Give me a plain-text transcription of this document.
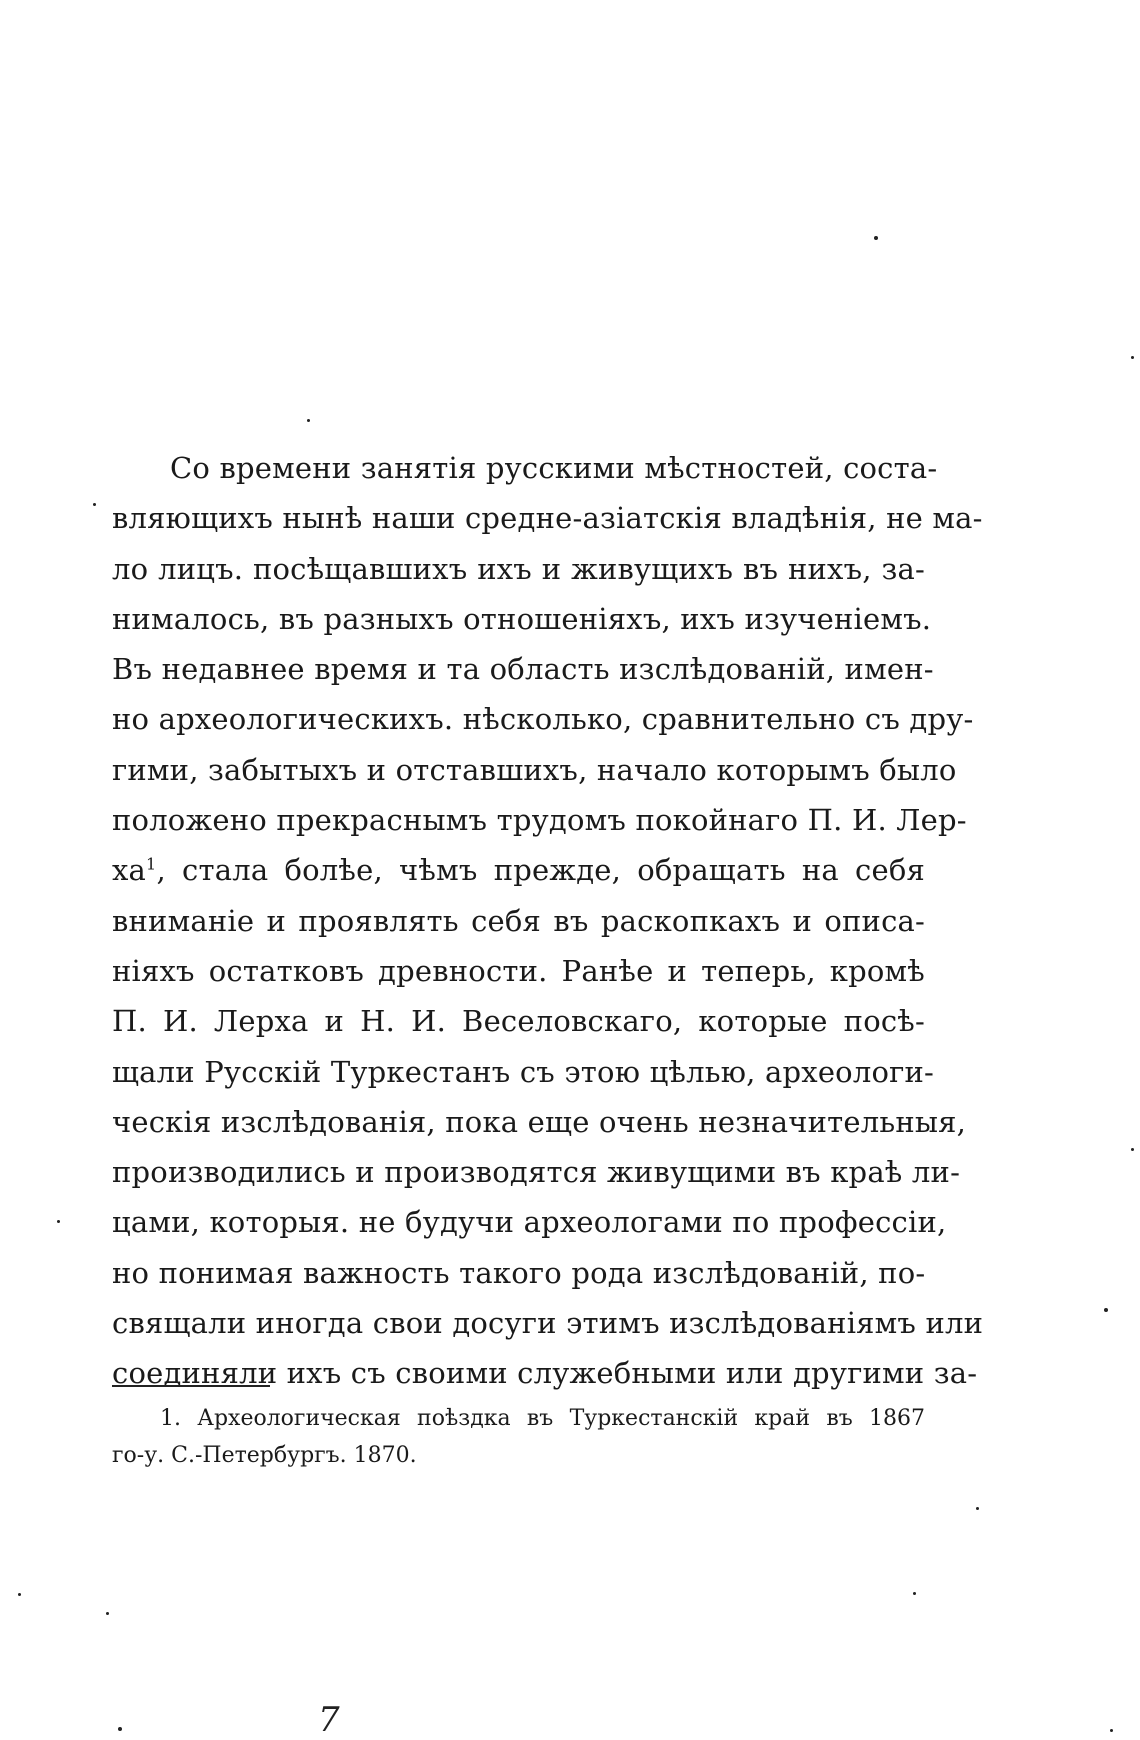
Со времени занятія русскими мѣстностей, соста-
вляющихъ нынѣ наши средне-азіатскія владѣнія, не ма-
ло лицъ. посѣщавшихъ ихъ и живущихъ въ нихъ, за-
нималось, въ разныхъ отношеніяхъ, ихъ изученіемъ.
Въ недавнее время и та область изслѣдованій, имен-
но археологическихъ. нѣсколько, сравнительно съ дру-
гими, забытыхъ и отставшихъ, начало которымъ было
положено прекраснымъ трудомъ покойнаго П. И. Лер-
$ха^1$, стала болѣе, чѣмъ прежде, обращать на себя
вниманіе и проявлять себя въ раскопкахъ и описа-
ніяхъ остатковъ древности. Ранѣе и теперь, кромѣ
П. И. Лерха и Н. И. Веселовскаго, которые посѣ-
щали Русскій Туркестанъ съ этою цѣлью, археологи-
ческія изслѣдованія, пока еще очень незначительныя,
производились и производятся живущими въ краѣ ли-
цами, которыя. не будучи археологами по профессіи,
но понимая важность такого рода изслѣдованій, по-
свящали иногда свои досуги этимъ изслѣдованіямъ или
соединяли ихъ съ своими служебными или другими за-
1. Археологическая поѣздка въ Туркестанскій край въ 1867
го-у. С.-Петербургъ. 1870.
7
